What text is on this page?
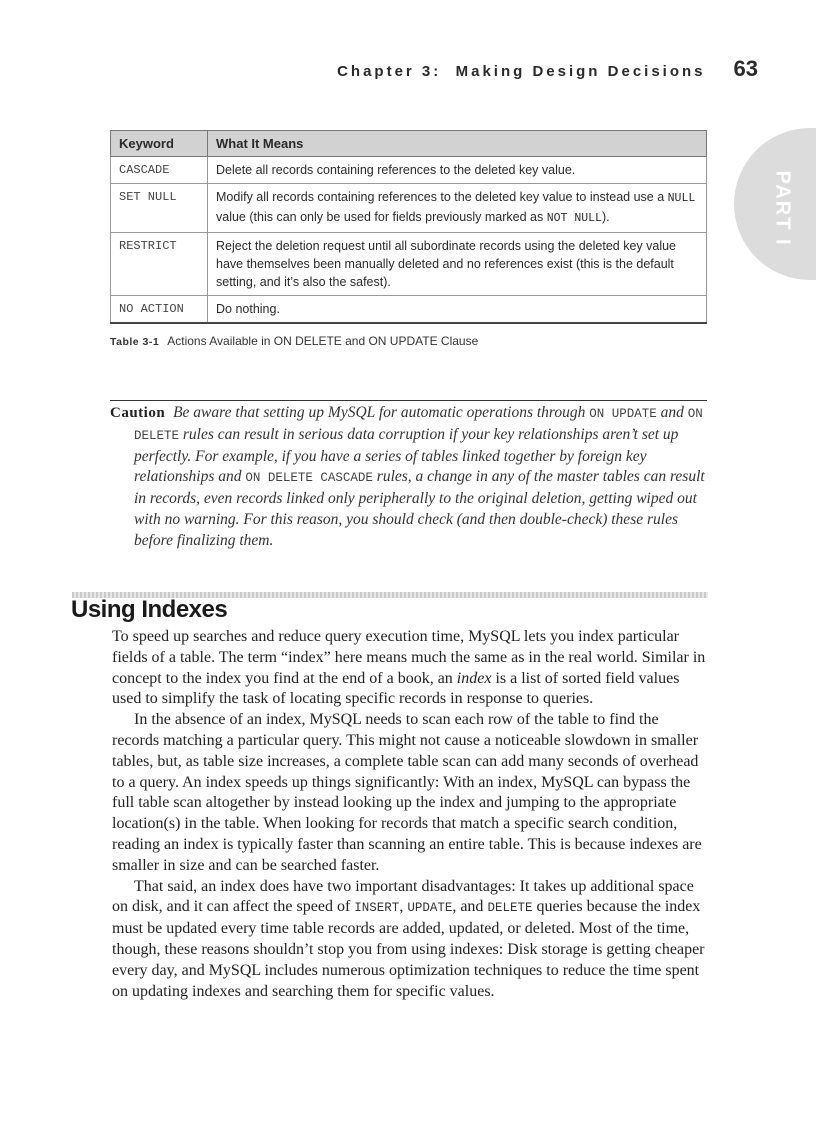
Chapter 3: Making Design Decisions 63
PART I
Keyword	What It Means
CASCADE	Delete all records containing references to the deleted key value.
SET NULL	Modify all records containing references to the deleted key value to instead use a NULL value (this can only be used for fields previously marked as NOT NULL).
RESTRICT	Reject the deletion request until all subordinate records using the deleted key value have themselves been manually deleted and no references exist (this is the default setting, and it’s also the safest).
NO ACTION	Do nothing.
Table 3-1 Actions Available in ON DELETE and ON UPDATE Clause

Caution Be aware that setting up MySQL for automatic operations through ON UPDATE and ON DELETE rules can result in serious data corruption if your key relationships aren’t set up perfectly. For example, if you have a series of tables linked together by foreign key relationships and ON DELETE CASCADE rules, a change in any of the master tables can result in records, even records linked only peripherally to the original deletion, getting wiped out with no warning. For this reason, you should check (and then double-check) these rules before finalizing them.

Using Indexes

To speed up searches and reduce query execution time, MySQL lets you index particular fields of a table. The term “index” here means much the same as in the real world. Similar in concept to the index you find at the end of a book, an index is a list of sorted field values used to simplify the task of locating specific records in response to queries.

In the absence of an index, MySQL needs to scan each row of the table to find the records matching a particular query. This might not cause a noticeable slowdown in smaller tables, but, as table size increases, a complete table scan can add many seconds of overhead to a query. An index speeds up things significantly: With an index, MySQL can bypass the full table scan altogether by instead looking up the index and jumping to the appropriate location(s) in the table. When looking for records that match a specific search condition, reading an index is typically faster than scanning an entire table. This is because indexes are smaller in size and can be searched faster.

That said, an index does have two important disadvantages: It takes up additional space on disk, and it can affect the speed of INSERT, UPDATE, and DELETE queries because the index must be updated every time table records are added, updated, or deleted. Most of the time, though, these reasons shouldn’t stop you from using indexes: Disk storage is getting cheaper every day, and MySQL includes numerous optimization techniques to reduce the time spent on updating indexes and searching them for specific values.
